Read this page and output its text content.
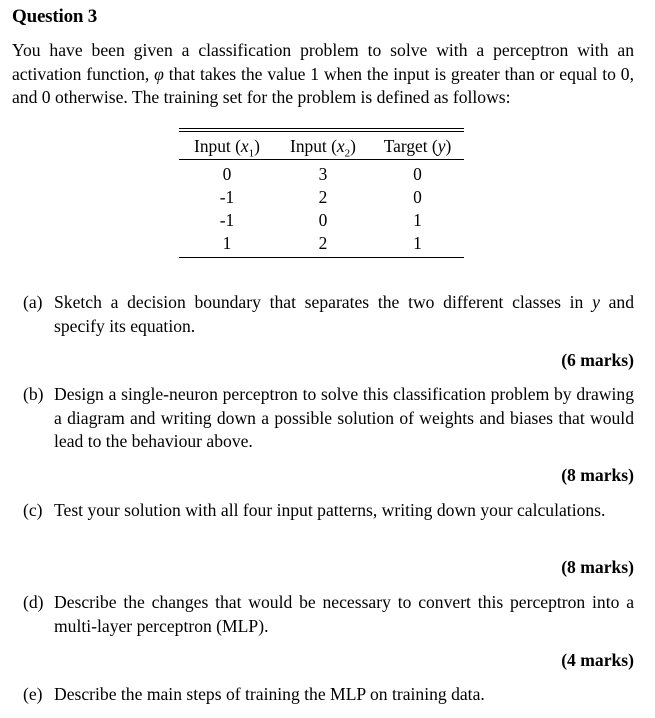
Question 3

You have been given a classification problem to solve with a perceptron with an activation function, φ that takes the value 1 when the input is greater than or equal to 0, and 0 otherwise. The training set for the problem is defined as follows:

Input $(x_1)$	Input $(x_2)$	Target (y)
0	3	0
-1	2	0
-1	0	1
1	2	1
(a) Sketch a decision boundary that separates the two different classes in y and specify its equation.
(6 marks)
(b) Design a single-neuron perceptron to solve this classification problem by drawing a diagram and writing down a possible solution of weights and biases that would lead to the behaviour above.
(8 marks)
(c) Test your solution with all four input patterns, writing down your calculations.
(8 marks)
(d) Describe the changes that would be necessary to convert this perceptron into a multi-layer perceptron (MLP).
(4 marks)
(e) Describe the main steps of training the MLP on training data.
